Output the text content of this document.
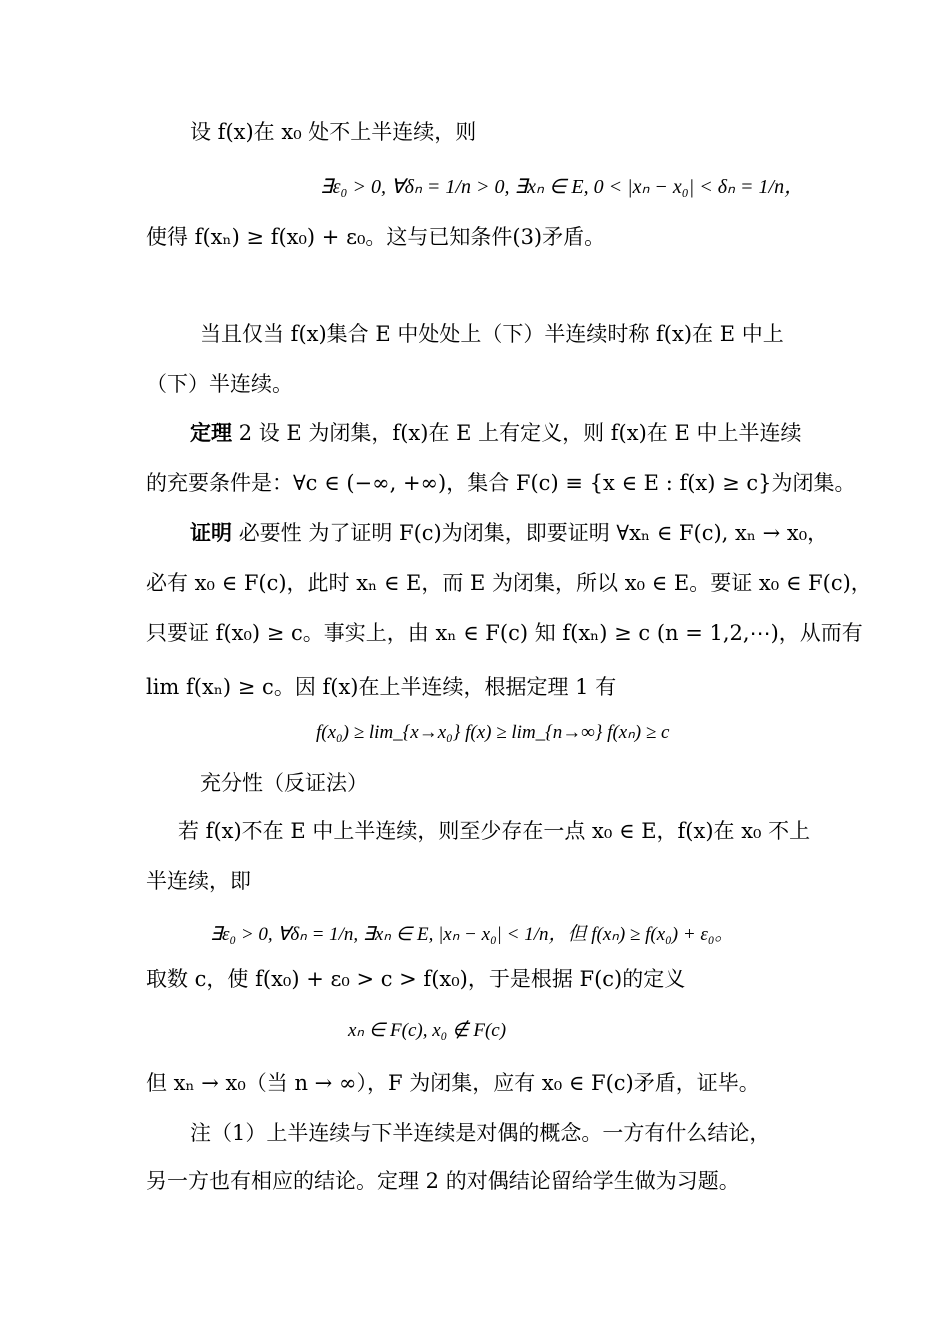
设 f(x)在 x₀ 处不上半连续，则
∃ε₀ > 0, ∀δₙ = 1/n > 0, ∃xₙ ∈ E, 0 < |xₙ − x₀| < δₙ = 1/n，
使得 f(xₙ) ≥ f(x₀) + ε₀。这与已知条件(3)矛盾。
当且仅当 f(x)集合 E 中处处上（下）半连续时称 f(x)在 E 中上
（下）半连续。
定理 2 设 E 为闭集，f(x)在 E 上有定义，则 f(x)在 E 中上半连续
的充要条件是：∀c ∈ (−∞, +∞)，集合 F(c) ≡ {x ∈ E : f(x) ≥ c}为闭集。
证明 必要性 为了证明 F(c)为闭集，即要证明 ∀xₙ ∈ F(c), xₙ → x₀，
必有 x₀ ∈ F(c)，此时 xₙ ∈ E，而 E 为闭集，所以 x₀ ∈ E。要证 x₀ ∈ F(c)，
只要证 f(x₀) ≥ c。事实上，由 xₙ ∈ F(c) 知 f(xₙ) ≥ c (n = 1,2,⋯)，从而有
lim f(xₙ) ≥ c。因 f(x)在上半连续，根据定理 1 有
f(x₀) ≥ lim_{x→x₀} f(x) ≥ lim_{n→∞} f(xₙ) ≥ c
充分性（反证法）
若 f(x)不在 E 中上半连续，则至少存在一点 x₀ ∈ E，f(x)在 x₀ 不上
半连续，即
∃ε₀ > 0, ∀δₙ = 1/n, ∃xₙ ∈ E, |xₙ − x₀| < 1/n，但 f(xₙ) ≥ f(x₀) + ε₀。
取数 c，使 f(x₀) + ε₀ > c > f(x₀)，于是根据 F(c)的定义
xₙ ∈ F(c), x₀ ∉ F(c)
但 xₙ → x₀（当 n → ∞），F 为闭集，应有 x₀ ∈ F(c)矛盾，证毕。
注（1）上半连续与下半连续是对偶的概念。一方有什么结论，
另一方也有相应的结论。定理 2 的对偶结论留给学生做为习题。
